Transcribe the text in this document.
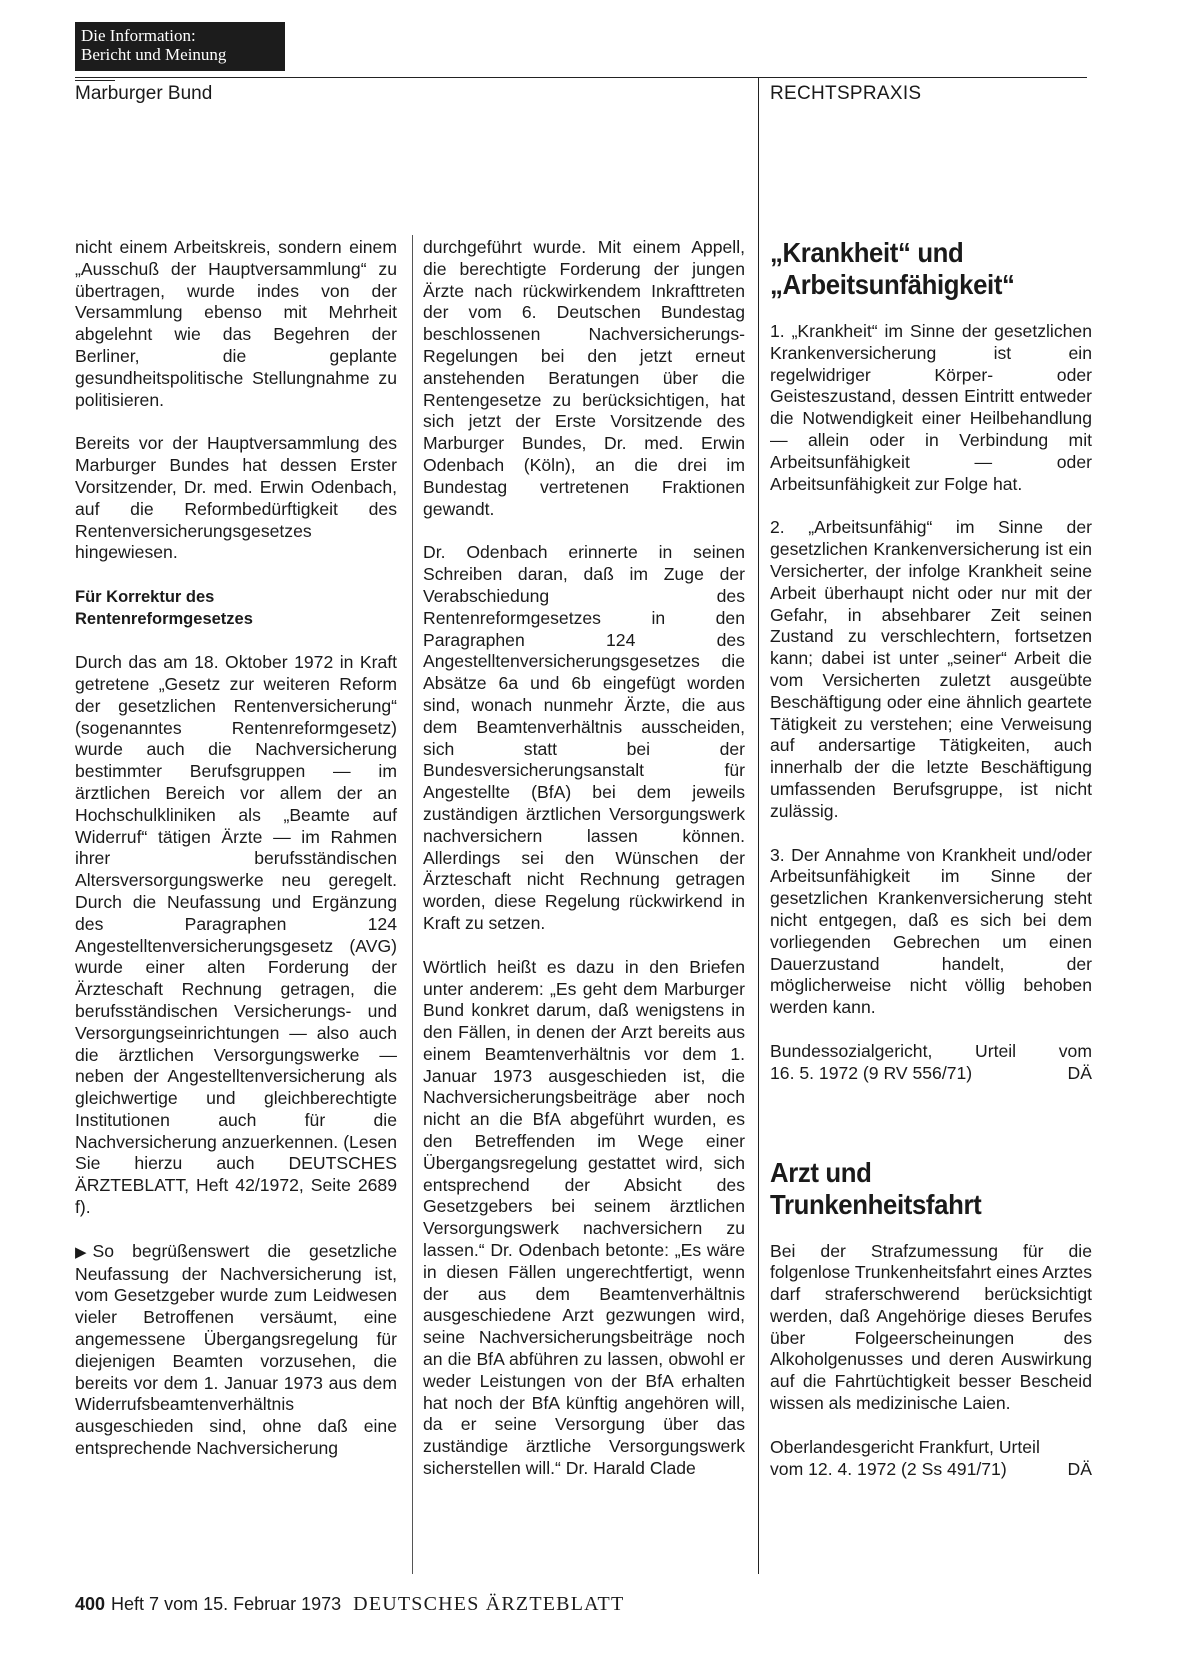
Die Information:
Bericht und Meinung
Marburger Bund	RECHTSPRAXIS

nicht einem Arbeitskreis, sondern einem „Ausschuß der Hauptversammlung“ zu übertragen, wurde indes von der Versammlung ebenso mit Mehrheit abgelehnt wie das Begehren der Berliner, die geplante gesundheitspolitische Stellungnahme zu politisieren.

Bereits vor der Hauptversammlung des Marburger Bundes hat dessen Erster Vorsitzender, Dr. med. Erwin Odenbach, auf die Reformbedürftigkeit des Rentenversicherungsgesetzes hingewiesen.

Für Korrektur des
Rentenreformgesetzes

Durch das am 18. Oktober 1972 in Kraft getretene „Gesetz zur weiteren Reform der gesetzlichen Rentenversicherung“ (sogenanntes Rentenreformgesetz) wurde auch die Nachversicherung bestimmter Berufsgruppen — im ärztlichen Bereich vor allem der an Hochschulkliniken als „Beamte auf Widerruf“ tätigen Ärzte — im Rahmen ihrer berufsständischen Altersversorgungswerke neu geregelt. Durch die Neufassung und Ergänzung des Paragraphen 124 Angestelltenversicherungsgesetz (AVG) wurde einer alten Forderung der Ärzteschaft Rechnung getragen, die berufsständischen Versicherungs- und Versorgungseinrichtungen — also auch die ärztlichen Versorgungswerke — neben der Angestelltenversicherung als gleichwertige und gleichberechtigte Institutionen auch für die Nachversicherung anzuerkennen. (Lesen Sie hierzu auch DEUTSCHES ÄRZTEBLATT, Heft 42/1972, Seite 2689 f).

▶ So begrüßenswert die gesetzliche Neufassung der Nachversicherung ist, vom Gesetzgeber wurde zum Leidwesen vieler Betroffenen versäumt, eine angemessene Übergangsregelung für diejenigen Beamten vorzusehen, die bereits vor dem 1. Januar 1973 aus dem Widerrufsbeamtenverhältnis ausgeschieden sind, ohne daß eine entsprechende Nachversicherung

durchgeführt wurde. Mit einem Appell, die berechtigte Forderung der jungen Ärzte nach rückwirkendem Inkrafttreten der vom 6. Deutschen Bundestag beschlossenen Nachversicherungs-Regelungen bei den jetzt erneut anstehenden Beratungen über die Rentengesetze zu berücksichtigen, hat sich jetzt der Erste Vorsitzende des Marburger Bundes, Dr. med. Erwin Odenbach (Köln), an die drei im Bundestag vertretenen Fraktionen gewandt.

Dr. Odenbach erinnerte in seinen Schreiben daran, daß im Zuge der Verabschiedung des Rentenreformgesetzes in den Paragraphen 124 des Angestelltenversicherungsgesetzes die Absätze 6a und 6b eingefügt worden sind, wonach nunmehr Ärzte, die aus dem Beamtenverhältnis ausscheiden, sich statt bei der Bundesversicherungsanstalt für Angestellte (BfA) bei dem jeweils zuständigen ärztlichen Versorgungswerk nachversichern lassen können. Allerdings sei den Wünschen der Ärzteschaft nicht Rechnung getragen worden, diese Regelung rückwirkend in Kraft zu setzen.

Wörtlich heißt es dazu in den Briefen unter anderem: „Es geht dem Marburger Bund konkret darum, daß wenigstens in den Fällen, in denen der Arzt bereits aus einem Beamtenverhältnis vor dem 1. Januar 1973 ausgeschieden ist, die Nachversicherungsbeiträge aber noch nicht an die BfA abgeführt wurden, es den Betreffenden im Wege einer Übergangsregelung gestattet wird, sich entsprechend der Absicht des Gesetzgebers bei seinem ärztlichen Versorgungswerk nachversichern zu lassen.“ Dr. Odenbach betonte: „Es wäre in diesen Fällen ungerechtfertigt, wenn der aus dem Beamtenverhältnis ausgeschiedene Arzt gezwungen wird, seine Nachversicherungsbeiträge noch an die BfA abführen zu lassen, obwohl er weder Leistungen von der BfA erhalten hat noch der BfA künftig angehören will, da er seine Versorgung über das zuständige ärztliche Versorgungswerk sicherstellen will.“ Dr. Harald Clade

„Krankheit“ und
„Arbeitsunfähigkeit“

1. „Krankheit“ im Sinne der gesetzlichen Krankenversicherung ist ein regelwidriger Körper- oder Geisteszustand, dessen Eintritt entweder die Notwendigkeit einer Heilbehandlung — allein oder in Verbindung mit Arbeitsunfähigkeit — oder Arbeitsunfähigkeit zur Folge hat.

2. „Arbeitsunfähig“ im Sinne der gesetzlichen Krankenversicherung ist ein Versicherter, der infolge Krankheit seine Arbeit überhaupt nicht oder nur mit der Gefahr, in absehbarer Zeit seinen Zustand zu verschlechtern, fortsetzen kann; dabei ist unter „seiner“ Arbeit die vom Versicherten zuletzt ausgeübte Beschäftigung oder eine ähnlich geartete Tätigkeit zu verstehen; eine Verweisung auf andersartige Tätigkeiten, auch innerhalb der die letzte Beschäftigung umfassenden Berufsgruppe, ist nicht zulässig.

3. Der Annahme von Krankheit und/oder Arbeitsunfähigkeit im Sinne der gesetzlichen Krankenversicherung steht nicht entgegen, daß es sich bei dem vorliegenden Gebrechen um einen Dauerzustand handelt, der möglicherweise nicht völlig behoben werden kann.

Bundessozialgericht, Urteil vom
16. 5. 1972 (9 RV 556/71)	DÄ

Arzt und
Trunkenheitsfahrt

Bei der Strafzumessung für die folgenlose Trunkenheitsfahrt eines Arztes darf straferschwerend berücksichtigt werden, daß Angehörige dieses Berufes über Folgeerscheinungen des Alkoholgenusses und deren Auswirkung auf die Fahrtüchtigkeit besser Bescheid wissen als medizinische Laien.

Oberlandesgericht Frankfurt, Urteil
vom 12. 4. 1972 (2 Ss 491/71)	DÄ

400 Heft 7 vom 15. Februar 1973 DEUTSCHES ÄRZTEBLATT
